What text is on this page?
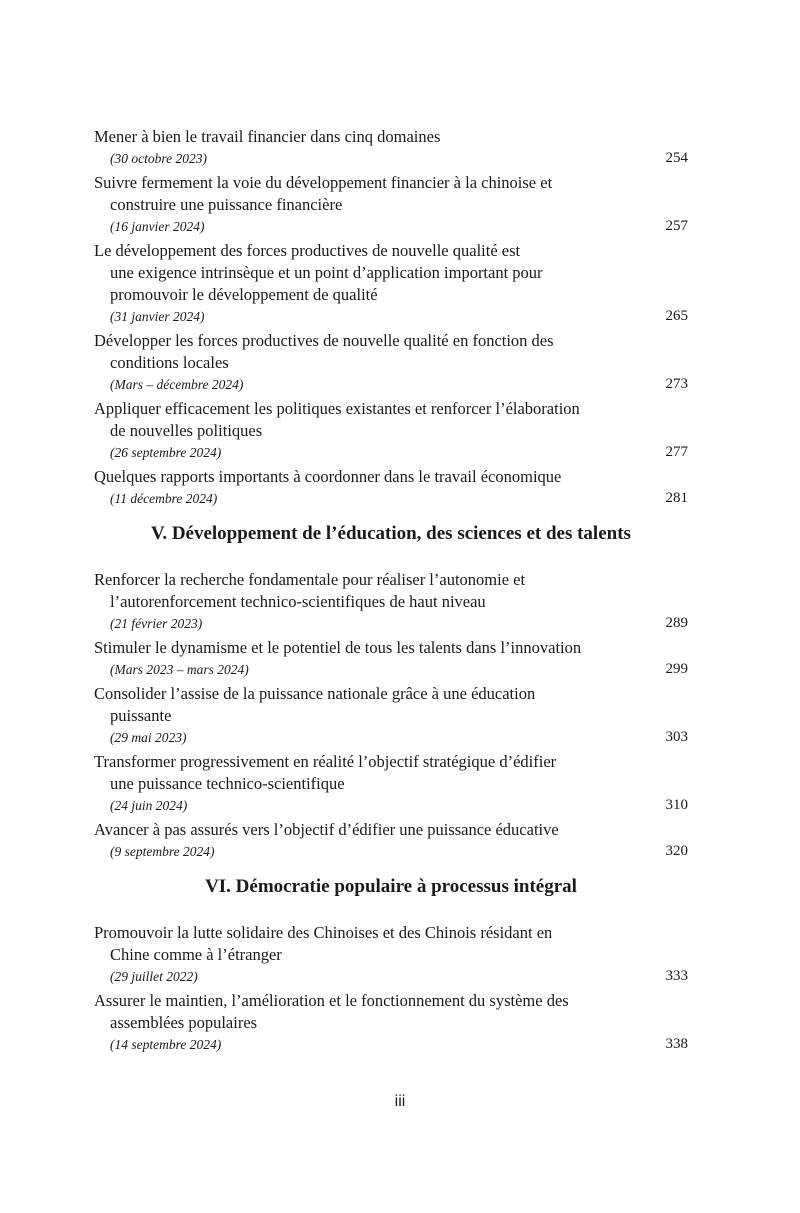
Mener à bien le travail financier dans cinq domaines
(30 octobre 2023)	254
Suivre fermement la voie du développement financier à la chinoise et
construire une puissance financière
(16 janvier 2024)	257
Le développement des forces productives de nouvelle qualité est
une exigence intrinsèque et un point d’application important pour
promouvoir le développement de qualité
(31 janvier 2024)	265
Développer les forces productives de nouvelle qualité en fonction des
conditions locales
(Mars – décembre 2024)	273
Appliquer efficacement les politiques existantes et renforcer l’élaboration
de nouvelles politiques
(26 septembre 2024)	277
Quelques rapports importants à coordonner dans le travail économique
(11 décembre 2024)	281
V. Développement de l’éducation, des sciences et des talents
Renforcer la recherche fondamentale pour réaliser l’autonomie et
l’autorenforcement technico-scientifiques de haut niveau
(21 février 2023)	289
Stimuler le dynamisme et le potentiel de tous les talents dans l’innovation
(Mars 2023 – mars 2024)	299
Consolider l’assise de la puissance nationale grâce à une éducation
puissante
(29 mai 2023)	303
Transformer progressivement en réalité l’objectif stratégique d’édifier
une puissance technico-scientifique
(24 juin 2024)	310
Avancer à pas assurés vers l’objectif d’édifier une puissance éducative
(9 septembre 2024)	320
VI. Démocratie populaire à processus intégral
Promouvoir la lutte solidaire des Chinoises et des Chinois résidant en
Chine comme à l’étranger
(29 juillet 2022)	333
Assurer le maintien, l’amélioration et le fonctionnement du système des
assemblées populaires
(14 septembre 2024)	338
iii
